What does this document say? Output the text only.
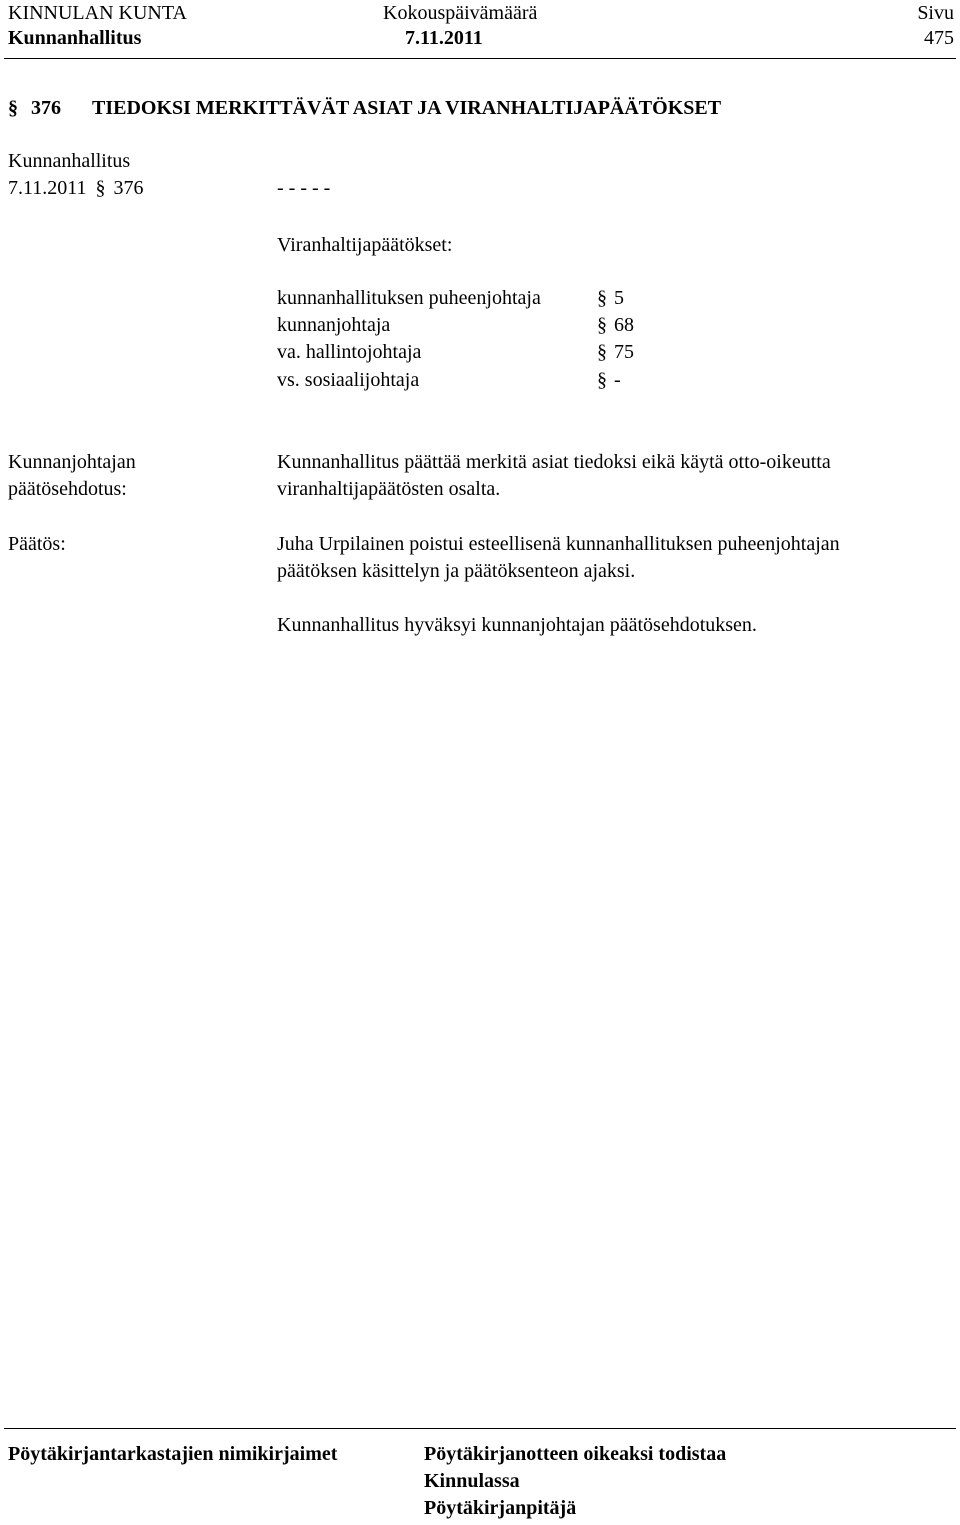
KINNULAN KUNTA
Kunnanhallitus
Kokouspäivämäärä
7.11.2011
Sivu
475
§ 376 TIEDOKSI MERKITTÄVÄT ASIAT JA VIRANHALTIJAPÄÄTÖKSET
Kunnanhallitus
7.11.2011 § 376	- - - - -
Viranhaltijapäätökset:
kunnanhallituksen puheenjohtaja	§ 5
kunnanjohtaja	§ 68
va. hallintojohtaja	§ 75
vs. sosiaalijohtaja	§ -
Kunnanjohtajan
päätösehdotus:
Kunnanhallitus päättää merkitä asiat tiedoksi eikä käytä otto-oikeutta
viranhaltijapäätösten osalta.
Päätös:	Juha Urpilainen poistui esteellisenä kunnanhallituksen puheenjohtajan
päätöksen käsittelyn ja päätöksenteon ajaksi.
Kunnanhallitus hyväksyi kunnanjohtajan päätösehdotuksen.
Pöytäkirjantarkastajien nimikirjaimet	Pöytäkirjanotteen oikeaksi todistaa
Kinnulassa
Pöytäkirjanpitäjä
